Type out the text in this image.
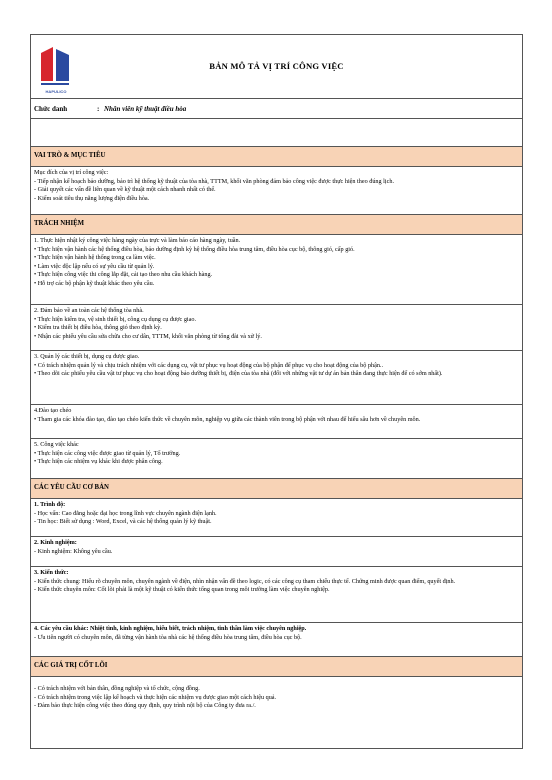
HAPULICO
BẢN MÔ TẢ VỊ TRÍ CÔNG VIỆC
Chức danh	: Nhân viên kỹ thuật điều hòa
VAI TRÒ & MỤC TIÊU

Mục đích của vị trí công việc:

- Tiếp nhận kế hoạch bảo dưỡng, bảo trì hệ thống kỹ thuật của tòa nhà, TTTM, khối văn phòng đảm bảo công việc được thực hiện theo đúng lịch.

- Giải quyết các vấn đề liên quan về kỹ thuật một cách nhanh nhất có thể.

- Kiểm soát tiêu thụ năng lượng điện điều hòa.

TRÁCH NHIỆM

1. Thực hiện nhật ký công việc hàng ngày của trực và làm báo cáo hàng ngày, tuần.

• Thực hiện vận hành các hệ thống điều hòa, bảo dưỡng định kỳ hệ thống điều hòa trung tâm, điều hòa cục bộ, thông gió, cấp gió.

• Thực hiện vận hành hệ thống trong ca làm việc.

• Làm việc độc lập nếu có sự yêu cầu từ quản lý.

• Thực hiện công việc thi công lắp đặt, cải tạo theo nhu cầu khách hàng.

• Hỗ trợ các bộ phận kỹ thuật khác theo yêu cầu.

2. Đảm bảo về an toàn các hệ thống tòa nhà.

• Thực hiện kiểm tra, vệ sinh thiết bị, công cụ dụng cụ được giao.

• Kiểm tra thiết bị điều hòa, thông gió theo định kỳ.

• Nhận các phiếu yêu cầu sửa chữa cho cư dân, TTTM, khối văn phòng từ tổng đài và xử lý.

3. Quản lý các thiết bị, dụng cụ được giao.

• Có trách nhiệm quản lý và chịu trách nhiệm với các dụng cụ, vật tư phục vụ hoạt động của bộ phận để phục vụ cho hoạt động của bộ phận..

• Theo dõi các phiếu yêu cầu vật tư phục vụ cho hoạt động bảo dưỡng thiết bị, điện của tòa nhà (đối với những vật tư dự án bản thân đang thực hiện để có sớm nhất).

4.Đào tạo chéo

• Tham gia các khóa đào tạo, đào tạo chéo kiến thức về chuyên môn, nghiệp vụ giữa các thành viên trong bộ phận với nhau để hiểu sâu hơn về chuyên môn.

5. Công việc khác

• Thực hiện các công việc được giao từ quản lý, Tổ trưởng.

• Thực hiện các nhiệm vụ khác khi được phân công.

CÁC YÊU CẦU CƠ BẢN

1. Trình độ:

- Học vấn: Cao đẳng hoặc đại học trong lĩnh vực chuyên ngành điện lạnh.

- Tin học: Biết sử dụng : Word, Excel, và các hệ thống quản lý kỹ thuật.

2. Kinh nghiệm:

- Kinh nghiệm: Không yêu cầu.

3. Kiến thức:

- Kiến thức chung: Hiểu rõ chuyên môn, chuyên ngành về điện, nhìn nhận vấn đề theo logic, có các công cụ tham chiếu thực tế. Chứng minh được quan điểm, quyết định.

- Kiến thức chuyên môn: Cốt lõi phải là một kỹ thuật có kiến thức tổng quan trong môi trường làm việc chuyên nghiệp.

4. Các yêu cầu khác: Nhiệt tình, kinh nghiệm, hiểu biết, trách nhiệm, tinh thần làm việc chuyên nghiệp.

- Ưu tiên người có chuyên môn, đã từng vận hành tòa nhà các hệ thống điều hòa trung tâm, điều hòa cục bộ.

CÁC GIÁ TRỊ CỐT LÕI

- Có trách nhiệm với bản thân, đồng nghiệp và tổ chức, cộng đồng.

- Có trách nhiệm trong việc lập kế hoạch và thực hiện các nhiệm vụ được giao một cách hiệu quả.

- Đảm bảo thực hiện công việc theo đúng quy định, quy trình nội bộ của Công ty đưa ra./.
